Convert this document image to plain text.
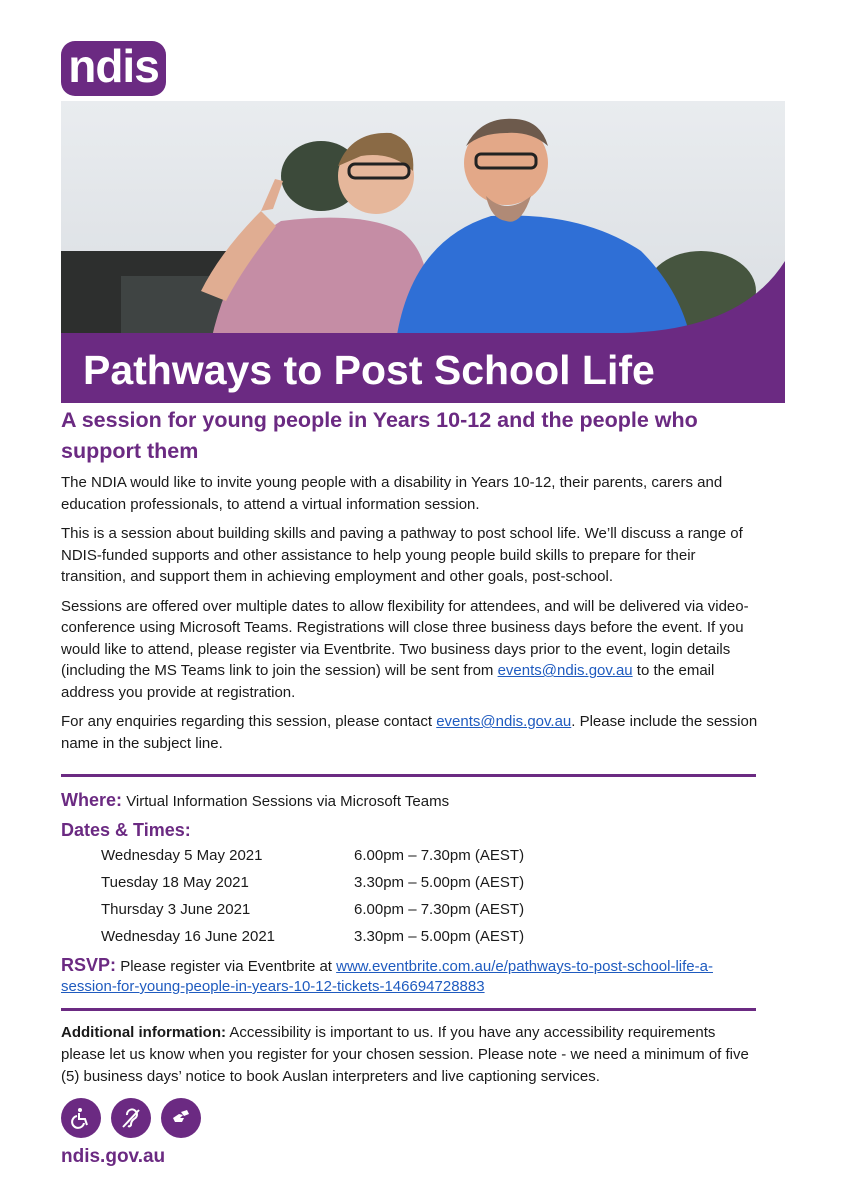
ndis
Pathways to Post School Life
A session for young people in Years 10-12 and the people who support them

The NDIA would like to invite young people with a disability in Years 10-12, their parents, carers and education professionals, to attend a virtual information session.

This is a session about building skills and paving a pathway to post school life. We’ll discuss a range of NDIS-funded supports and other assistance to help young people build skills to prepare for their transition, and support them in achieving employment and other goals, post-school.

Sessions are offered over multiple dates to allow flexibility for attendees, and will be delivered via video-conference using Microsoft Teams. Registrations will close three business days before the event. If you would like to attend, please register via Eventbrite. Two business days prior to the event, login details (including the MS Teams link to join the session) will be sent from events@ndis.gov.au to the email address you provide at registration.

For any enquiries regarding this session, please contact events@ndis.gov.au. Please include the session name in the subject line.

Where: Virtual Information Sessions via Microsoft Teams
Dates & Times:
Wednesday 5 May 2021	6.00pm – 7.30pm (AEST)
Tuesday 18 May 2021	3.30pm – 5.00pm (AEST)
Thursday 3 June 2021	6.00pm – 7.30pm (AEST)
Wednesday 16 June 2021	3.30pm – 5.00pm (AEST)
RSVP: Please register via Eventbrite at www.eventbrite.com.au/e/pathways-to-post-school-life-a-session-for-young-people-in-years-10-12-tickets-146694728883
Additional information: Accessibility is important to us. If you have any accessibility requirements please let us know when you register for your chosen session. Please note - we need a minimum of five (5) business days’ notice to book Auslan interpreters and live captioning services.
ndis.gov.au
